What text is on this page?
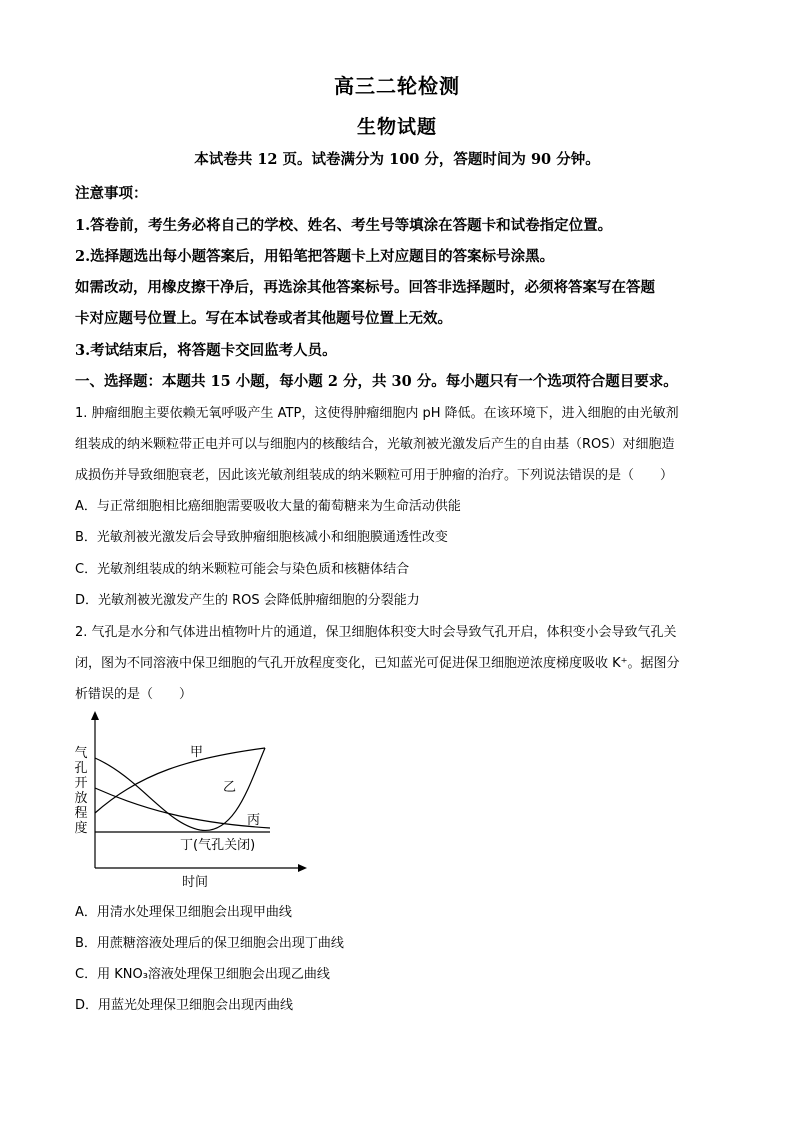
高三二轮检测
生物试题
本试卷共 12 页。试卷满分为 100 分，答题时间为 90 分钟。
注意事项：
1.答卷前，考生务必将自己的学校、姓名、考生号等填涂在答题卡和试卷指定位置。
2.选择题选出每小题答案后，用铅笔把答题卡上对应题目的答案标号涂黑。
如需改动，用橡皮擦干净后，再选涂其他答案标号。回答非选择题时，必须将答案写在答题
卡对应题号位置上。写在本试卷或者其他题号位置上无效。
3.考试结束后，将答题卡交回监考人员。
一、选择题：本题共 15 小题，每小题 2 分，共 30 分。每小题只有一个选项符合题目要求。
1. 肿瘤细胞主要依赖无氧呼吸产生 ATP，这使得肿瘤细胞内 pH 降低。在该环境下，进入细胞的由光敏剂
组装成的纳米颗粒带正电并可以与细胞内的核酸结合，光敏剂被光激发后产生的自由基（ROS）对细胞造
成损伤并导致细胞衰老，因此该光敏剂组装成的纳米颗粒可用于肿瘤的治疗。下列说法错误的是（　　）
A．与正常细胞相比癌细胞需要吸收大量的葡萄糖来为生命活动供能
B．光敏剂被光激发后会导致肿瘤细胞核减小和细胞膜通透性改变
C．光敏剂组装成的纳米颗粒可能会与染色质和核糖体结合
D．光敏剂被光激发产生的 ROS 会降低肿瘤细胞的分裂能力
2. 气孔是水分和气体进出植物叶片的通道，保卫细胞体积变大时会导致气孔开启，体积变小会导致气孔关
闭，图为不同溶液中保卫细胞的气孔开放程度变化，已知蓝光可促进保卫细胞逆浓度梯度吸收 K⁺。据图分
析错误的是（　　）
气孔开放程度
甲
乙
丙
丁(气孔关闭)
时间
A．用清水处理保卫细胞会出现甲曲线
B．用蔗糖溶液处理后的保卫细胞会出现丁曲线
C．用 KNO₃溶液处理保卫细胞会出现乙曲线
D．用蓝光处理保卫细胞会出现丙曲线
